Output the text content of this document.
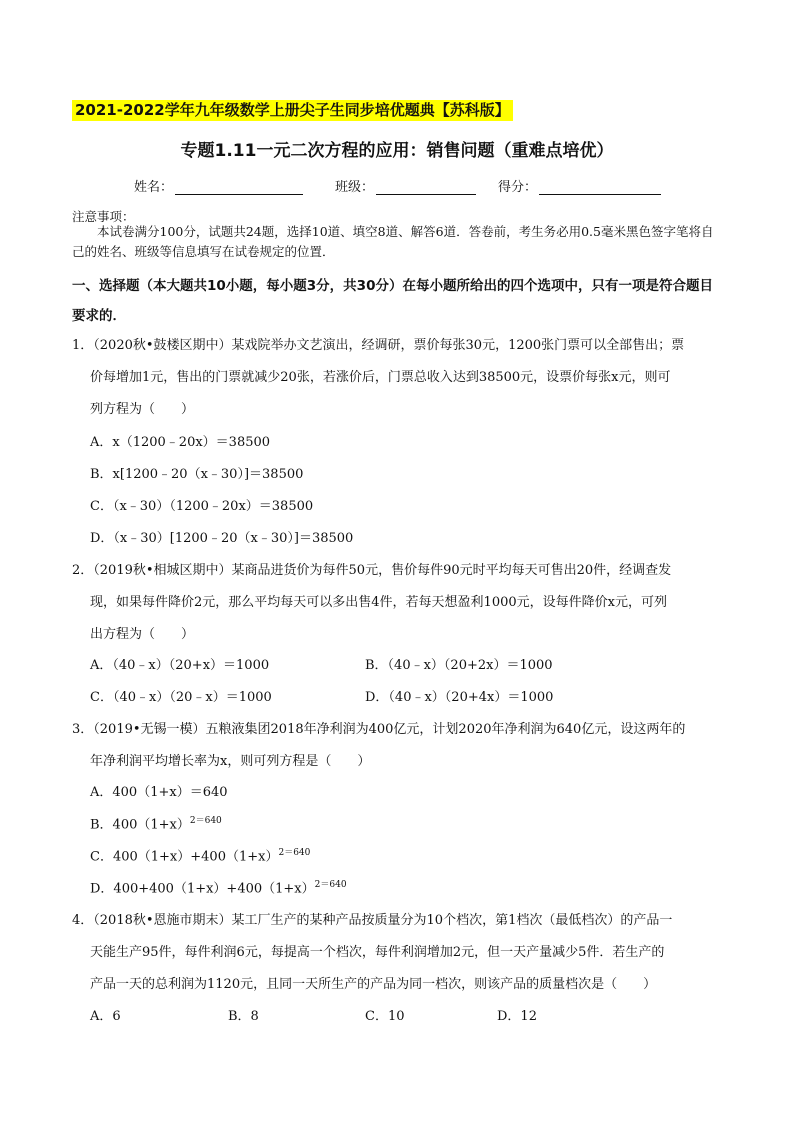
2021-2022学年九年级数学上册尖子生同步培优题典【苏科版】
专题1.11一元二次方程的应用：销售问题（重难点培优）
姓名：	班级：	得分：
注意事项：
本试卷满分100分，试题共24题，选择10道、填空8道、解答6道．答卷前，考生务必用0.5毫米黑色签字笔将自己的姓名、班级等信息填写在试卷规定的位置．
一、选择题（本大题共10小题，每小题3分，共30分）在每小题所给出的四个选项中，只有一项是符合题目要求的．
1．（2020秋•鼓楼区期中）某戏院举办文艺演出，经调研，票价每张30元，1200张门票可以全部售出；票
价每增加1元，售出的门票就减少20张，若涨价后，门票总收入达到38500元，设票价每张x元，则可
列方程为（　　）
A．x（1200﹣20x）＝38500
B．x[1200﹣20（x﹣30）]＝38500
C．（x﹣30）（1200﹣20x）＝38500
D．（x﹣30）[1200﹣20（x﹣30）]＝38500
2．（2019秋•相城区期中）某商品进货价为每件50元，售价每件90元时平均每天可售出20件，经调查发
现，如果每件降价2元，那么平均每天可以多出售4件，若每天想盈利1000元，设每件降价x元，可列
出方程为（　　）
A．（40﹣x）（20+x）＝1000	B．（40﹣x）（20+2x）＝1000
C．（40﹣x）（20﹣x）＝1000	D．（40﹣x）（20+4x）＝1000
3．（2019•无锡一模）五粮液集团2018年净利润为400亿元，计划2020年净利润为640亿元，设这两年的
年净利润平均增长率为x，则可列方程是（　　）
A．400（1+x）＝640
B．$400(1+x)^{2=640}$
C．$400(1+x)+400(1+x)^{2=640}$
D．$400+400(1+x)+400(1+x)^{2=640}$
4．（2018秋•恩施市期末）某工厂生产的某种产品按质量分为10个档次，第1档次（最低档次）的产品一
天能生产95件，每件利润6元，每提高一个档次，每件利润增加2元，但一天产量减少5件．若生产的
产品一天的总利润为1120元，且同一天所生产的产品为同一档次，则该产品的质量档次是（　　）
A．6	B．8	C．10	D．12
